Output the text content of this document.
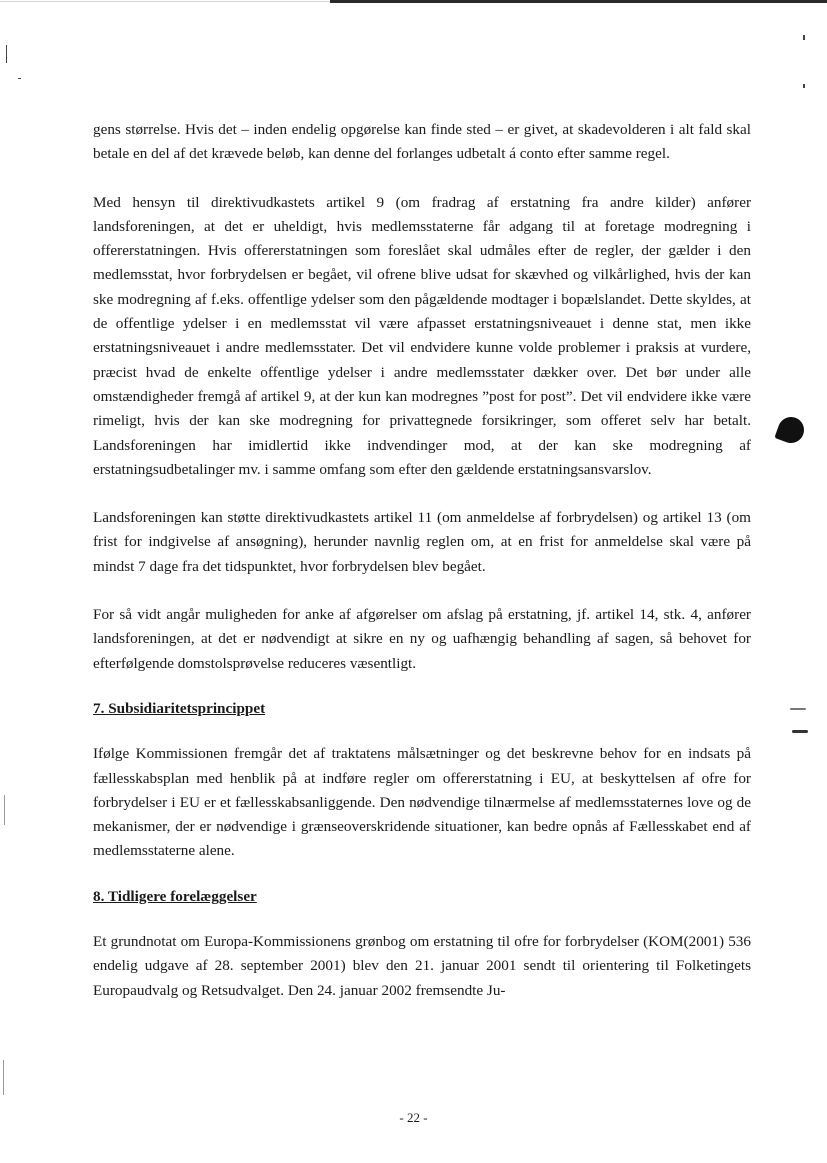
gens størrelse. Hvis det – inden endelig opgørelse kan finde sted – er givet, at skadevolderen i alt fald skal betale en del af det krævede beløb, kan denne del forlanges udbetalt á conto efter samme regel.

Med hensyn til direktivudkastets artikel 9 (om fradrag af erstatning fra andre kilder) anfører landsforeningen, at det er uheldigt, hvis medlemsstaterne får adgang til at foretage modregning i offererstatningen. Hvis offererstatningen som foreslået skal udmåles efter de regler, der gælder i den medlemsstat, hvor forbrydelsen er begået, vil ofrene blive udsat for skævhed og vilkårlighed, hvis der kan ske modregning af f.eks. offentlige ydelser som den pågældende modtager i bopælslandet. Dette skyldes, at de offentlige ydelser i en medlemsstat vil være afpasset erstatningsniveauet i denne stat, men ikke erstatningsniveauet i andre medlemsstater. Det vil endvidere kunne volde problemer i praksis at vurdere, præcist hvad de enkelte offentlige ydelser i andre medlemsstater dækker over. Det bør under alle omstændigheder fremgå af artikel 9, at der kun kan modregnes ”post for post”. Det vil endvidere ikke være rimeligt, hvis der kan ske modregning for privattegnede forsikringer, som offeret selv har betalt. Landsforeningen har imidlertid ikke indvendinger mod, at der kan ske modregning af erstatningsudbetalinger mv. i samme omfang som efter den gældende erstatningsansvarslov.

Landsforeningen kan støtte direktivudkastets artikel 11 (om anmeldelse af forbrydelsen) og artikel 13 (om frist for indgivelse af ansøgning), herunder navnlig reglen om, at en frist for anmeldelse skal være på mindst 7 dage fra det tidspunktet, hvor forbrydelsen blev begået.

For så vidt angår muligheden for anke af afgørelser om afslag på erstatning, jf. artikel 14, stk. 4, anfører landsforeningen, at det er nødvendigt at sikre en ny og uafhængig behandling af sagen, så behovet for efterfølgende domstolsprøvelse reduceres væsentligt.

7. Subsidiaritetsprincippet

Ifølge Kommissionen fremgår det af traktatens målsætninger og det beskrevne behov for en indsats på fællesskabsplan med henblik på at indføre regler om offererstatning i EU, at beskyttelsen af ofre for forbrydelser i EU er et fællesskabsanliggende. Den nødvendige tilnærmelse af medlemsstaternes love og de mekanismer, der er nødvendige i grænseoverskridende situationer, kan bedre opnås af Fællesskabet end af medlemsstaterne alene.

8. Tidligere forelæggelser

Et grundnotat om Europa-Kommissionens grønbog om erstatning til ofre for forbrydelser (KOM(2001) 536 endelig udgave af 28. september 2001) blev den 21. januar 2001 sendt til orientering til Folketingets Europaudvalg og Retsudvalget. Den 24. januar 2002 fremsendte Ju-

- 22 -
